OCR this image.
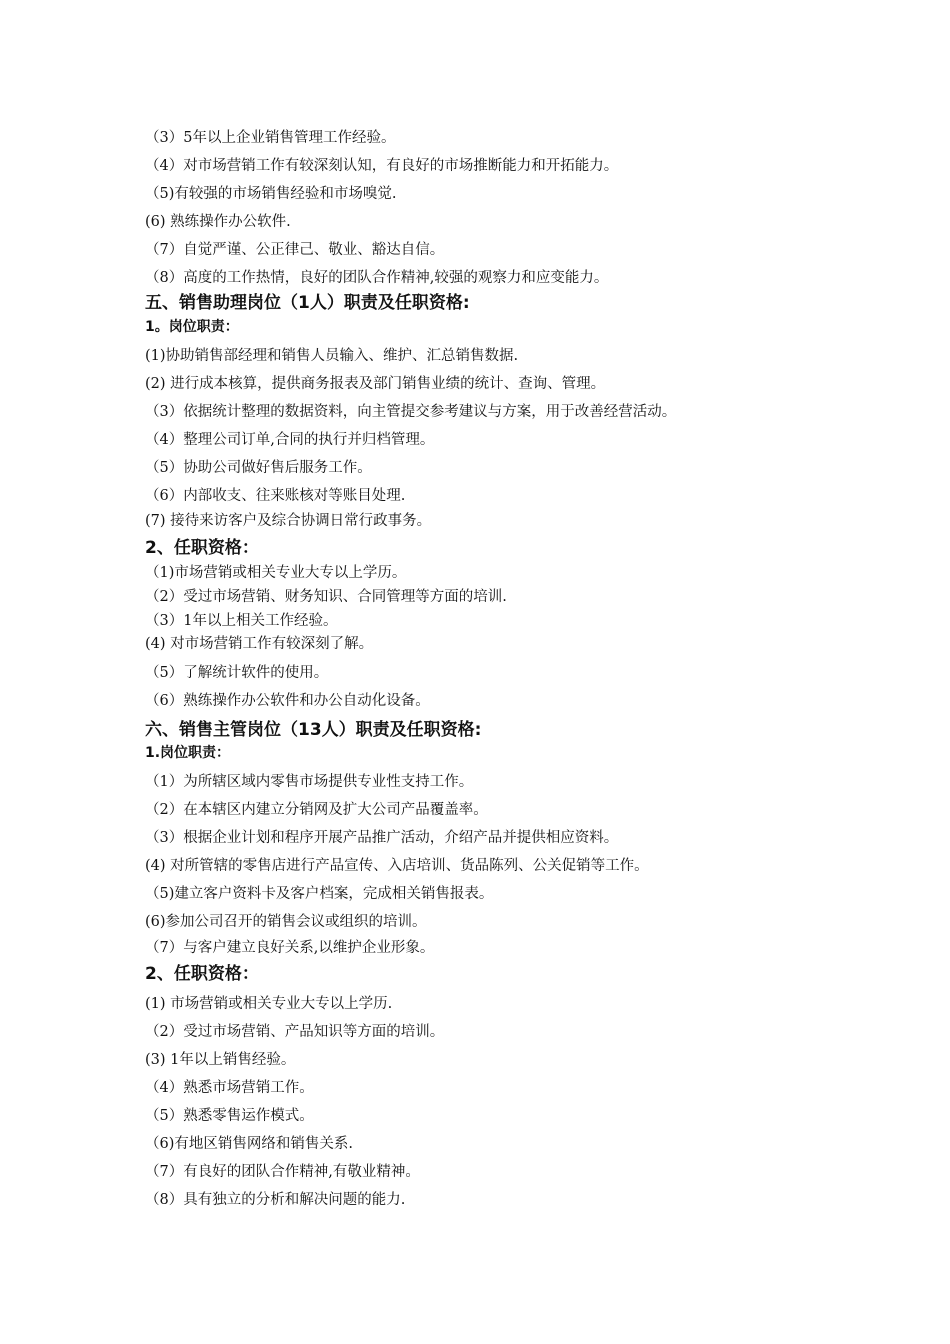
（3）5年以上企业销售管理工作经验。
（4）对市场营销工作有较深刻认知，有良好的市场推断能力和开拓能力。
（5)有较强的市场销售经验和市场嗅觉.
(6) 熟练操作办公软件.
（7）自觉严谨、公正律己、敬业、豁达自信。
（8）高度的工作热情，良好的团队合作精神,较强的观察力和应变能力。
五、销售助理岗位（1人）职责及任职资格:
1。岗位职责：
(1)协助销售部经理和销售人员输入、维护、汇总销售数据.
(2) 进行成本核算，提供商务报表及部门销售业绩的统计、查询、管理。
（3）依据统计整理的数据资料，向主管提交参考建议与方案，用于改善经营活动。
（4）整理公司订单,合同的执行并归档管理。
（5）协助公司做好售后服务工作。
（6）内部收支、往来账核对等账目处理.
(7) 接待来访客户及综合协调日常行政事务。
2、任职资格：
（1)市场营销或相关专业大专以上学历。
（2）受过市场营销、财务知识、合同管理等方面的培训.
（3）1年以上相关工作经验。
(4) 对市场营销工作有较深刻了解。
（5）了解统计软件的使用。
（6）熟练操作办公软件和办公自动化设备。
六、销售主管岗位（13人）职责及任职资格:
1.岗位职责：
（1）为所辖区域内零售市场提供专业性支持工作。
（2）在本辖区内建立分销网及扩大公司产品覆盖率。
（3）根据企业计划和程序开展产品推广活动，介绍产品并提供相应资料。
(4) 对所管辖的零售店进行产品宣传、入店培训、货品陈列、公关促销等工作。
（5)建立客户资料卡及客户档案，完成相关销售报表。
(6)参加公司召开的销售会议或组织的培训。
（7）与客户建立良好关系,以维护企业形象。
2、任职资格：
(1) 市场营销或相关专业大专以上学历.
（2）受过市场营销、产品知识等方面的培训。
(3) 1年以上销售经验。
（4）熟悉市场营销工作。
（5）熟悉零售运作模式。
（6)有地区销售网络和销售关系.
（7）有良好的团队合作精神,有敬业精神。
（8）具有独立的分析和解决问题的能力.
